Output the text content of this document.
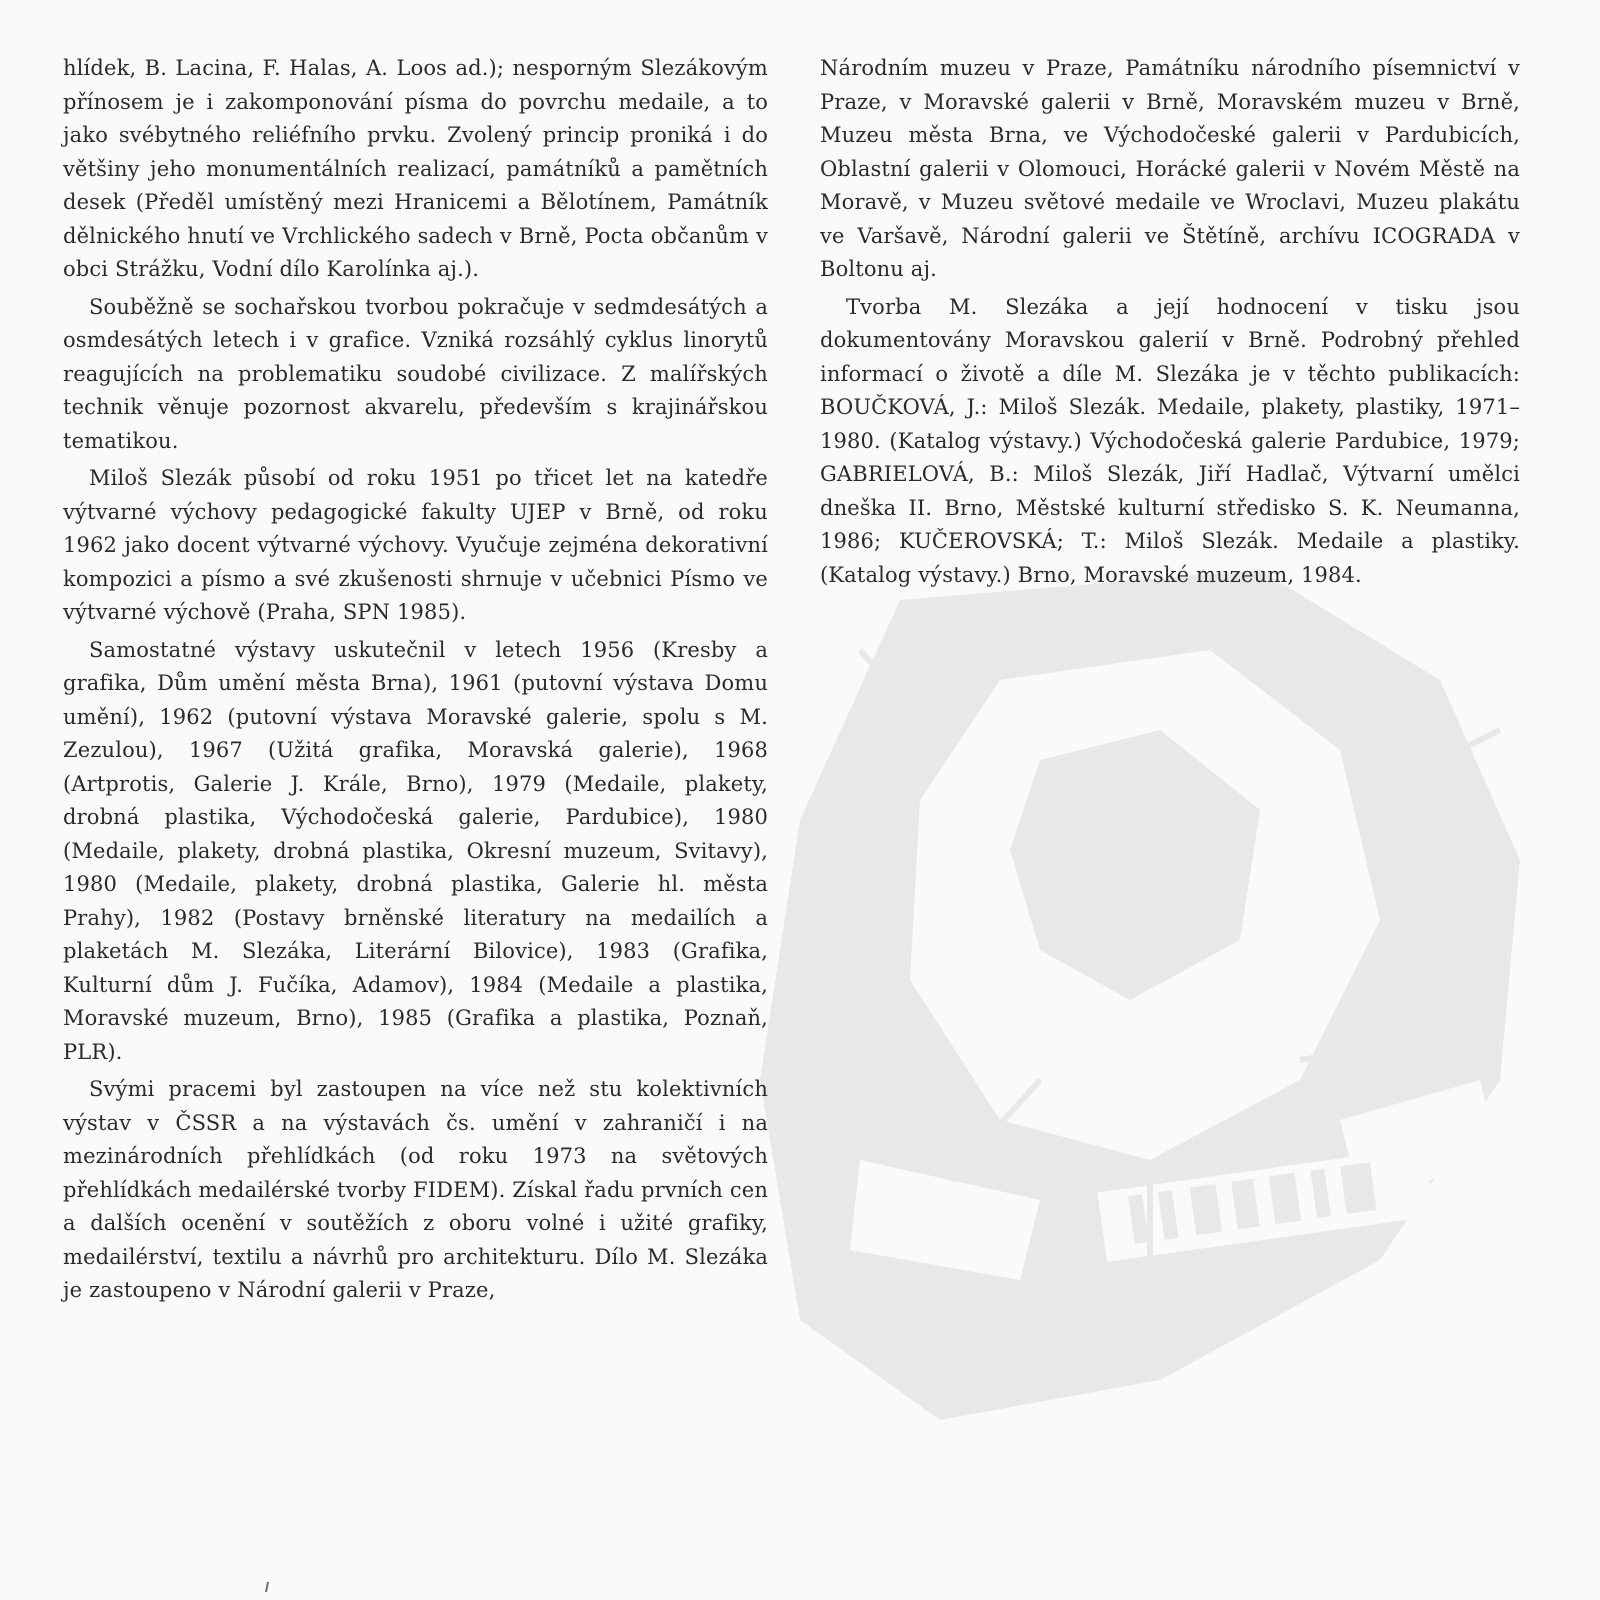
hlídek, B. Lacina, F. Halas, A. Loos ad.); nesporným Slezákovým přínosem je i zakomponování písma do povrchu medaile, a to jako svébytného reliéfního prvku. Zvolený princip proniká i do většiny jeho monumentálních realizací, památníků a pamětních desek (Předěl umístěný mezi Hranicemi a Bělotínem, Památník dělnického hnutí ve Vrchlického sadech v Brně, Pocta občanům v obci Strážku, Vodní dílo Karolínka aj.).

Souběžně se sochařskou tvorbou pokračuje v sedmdesátých a osmdesátých letech i v grafice. Vzniká rozsáhlý cyklus linorytů reagujících na problematiku soudobé civilizace. Z malířských technik věnuje pozornost akvarelu, především s krajinářskou tematikou.

Miloš Slezák působí od roku 1951 po třicet let na katedře výtvarné výchovy pedagogické fakulty UJEP v Brně, od roku 1962 jako docent výtvarné výchovy. Vyučuje zejména dekorativní kompozici a písmo a své zkušenosti shrnuje v učebnici Písmo ve výtvarné výchově (Praha, SPN 1985).

Samostatné výstavy uskutečnil v letech 1956 (Kresby a grafika, Dům umění města Brna), 1961 (putovní výstava Domu umění), 1962 (putovní výstava Moravské galerie, spolu s M. Zezulou), 1967 (Užitá grafika, Moravská galerie), 1968 (Artprotis, Galerie J. Krále, Brno), 1979 (Medaile, plakety, drobná plastika, Východočeská galerie, Pardubice), 1980 (Medaile, plakety, drobná plastika, Okresní muzeum, Svitavy), 1980 (Medaile, plakety, drobná plastika, Galerie hl. města Prahy), 1982 (Postavy brněnské literatury na medailích a plaketách M. Slezáka, Literární Bilovice), 1983 (Grafika, Kulturní dům J. Fučíka, Adamov), 1984 (Medaile a plastika, Moravské muzeum, Brno), 1985 (Grafika a plastika, Poznaň, PLR).

Svými pracemi byl zastoupen na více než stu kolektivních výstav v ČSSR a na výstavách čs. umění v zahraničí i na mezinárodních přehlídkách (od roku 1973 na světových přehlídkách medailérské tvorby FIDEM). Získal řadu prvních cen a dalších ocenění v soutěžích z oboru volné i užité grafiky, medailérství, textilu a návrhů pro architekturu. Dílo M. Slezáka je zastoupeno v Národní galerii v Praze,

Národním muzeu v Praze, Památníku národního písemnictví v Praze, v Moravské galerii v Brně, Moravském muzeu v Brně, Muzeu města Brna, ve Východočeské galerii v Pardubicích, Oblastní galerii v Olomouci, Horácké galerii v Novém Městě na Moravě, v Muzeu světové medaile ve Wroclavi, Muzeu plakátu ve Varšavě, Národní galerii ve Štětíně, archívu ICOGRADA v Boltonu aj.

Tvorba M. Slezáka a její hodnocení v tisku jsou dokumentovány Moravskou galerií v Brně. Podrobný přehled informací o životě a díle M. Slezáka je v těchto publikacích: BOUČKOVÁ, J.: Miloš Slezák. Medaile, plakety, plastiky, 1971–1980. (Katalog výstavy.) Východočeská galerie Pardubice, 1979; GABRIELOVÁ, B.: Miloš Slezák, Jiří Hadlač, Výtvarní umělci dneška II. Brno, Městské kulturní středisko S. K. Neumanna, 1986; KUČEROVSKÁ; T.: Miloš Slezák. Medaile a plastiky. (Katalog výstavy.) Brno, Moravské muzeum, 1984.
